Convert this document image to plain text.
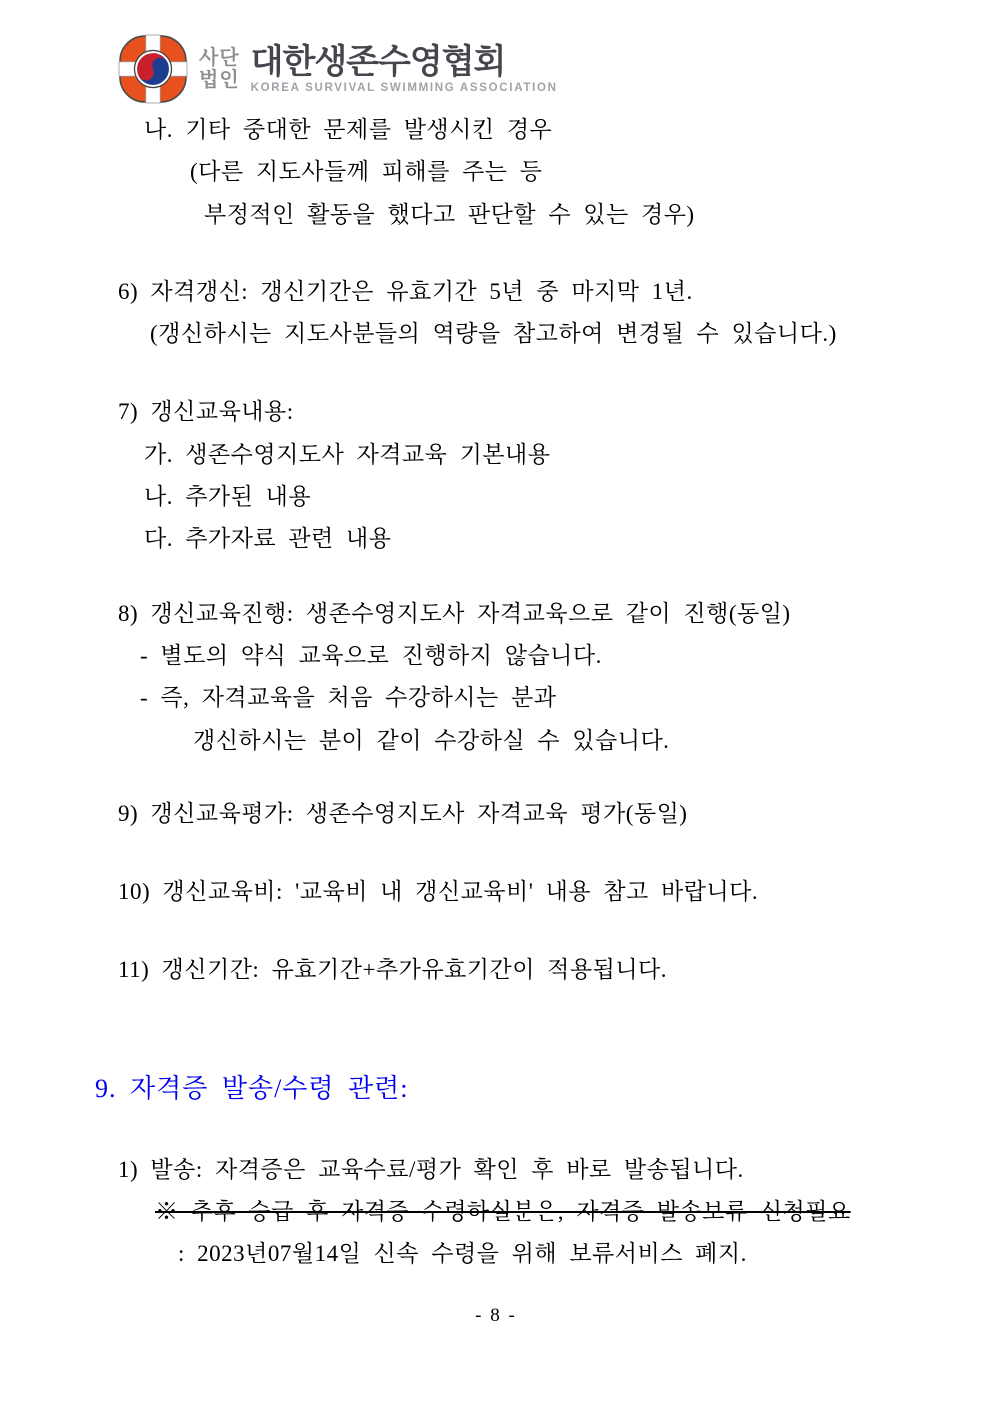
사단
법인 대한생존수영협회
KOREA SURVIVAL SWIMMING ASSOCIATION
나. 기타 중대한 문제를 발생시킨 경우
(다른 지도사들께 피해를 주는 등
부정적인 활동을 했다고 판단할 수 있는 경우)
6) 자격갱신: 갱신기간은 유효기간 5년 중 마지막 1년.
(갱신하시는 지도사분들의 역량을 참고하여 변경될 수 있습니다.)
7) 갱신교육내용:
가. 생존수영지도사 자격교육 기본내용
나. 추가된 내용
다. 추가자료 관련 내용
8) 갱신교육진행: 생존수영지도사 자격교육으로 같이 진행(동일)
- 별도의 약식 교육으로 진행하지 않습니다.
- 즉, 자격교육을 처음 수강하시는 분과
갱신하시는 분이 같이 수강하실 수 있습니다.
9) 갱신교육평가: 생존수영지도사 자격교육 평가(동일)
10) 갱신교육비: '교육비 내 갱신교육비' 내용 참고 바랍니다.
11) 갱신기간: 유효기간+추가유효기간이 적용됩니다.
9. 자격증 발송/수령 관련:
1) 발송: 자격증은 교육수료/평가 확인 후 바로 발송됩니다.
※ 추후 승급 후 자격증 수령하실분은, 자격증 발송보류 신청필요
: 2023년07월14일 신속 수령을 위해 보류서비스 폐지.
- 8 -
